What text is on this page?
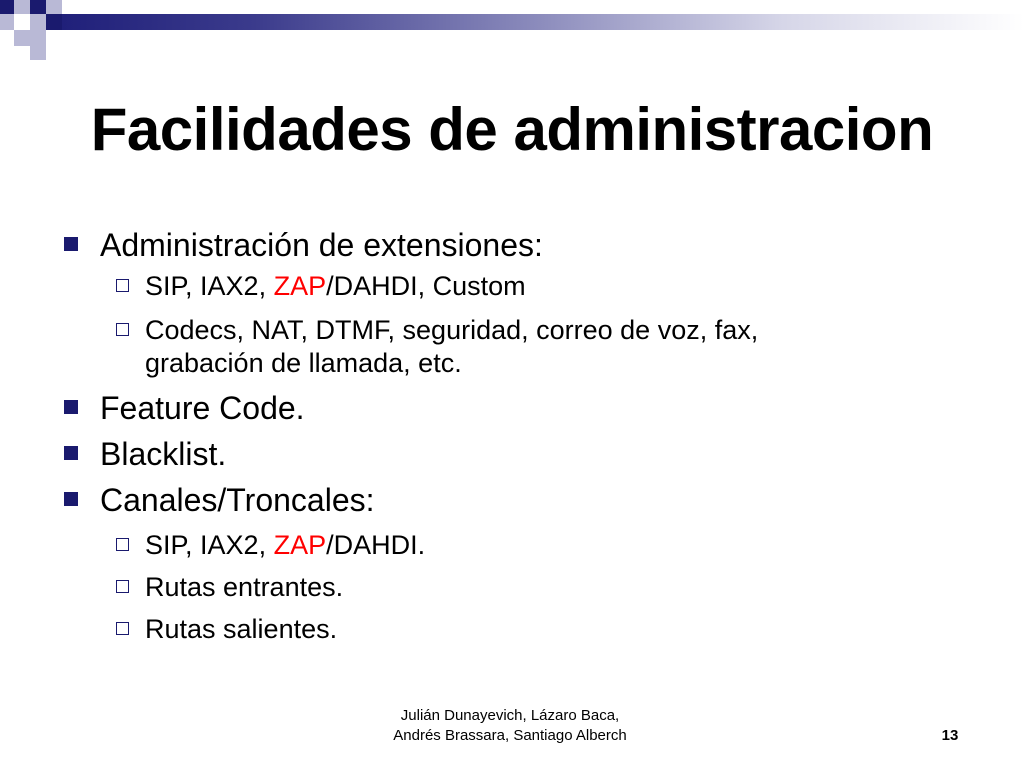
Facilidades de administracion
Administración de extensiones:
SIP, IAX2, ZAP/DAHDI, Custom
Codecs, NAT, DTMF, seguridad, correo de voz, fax,
grabación de llamada, etc.
Feature Code.
Blacklist.
Canales/Troncales:
SIP, IAX2, ZAP/DAHDI.
Rutas entrantes.
Rutas salientes.
Julián Dunayevich, Lázaro Baca,
Andrés Brassara, Santiago Alberch	13
